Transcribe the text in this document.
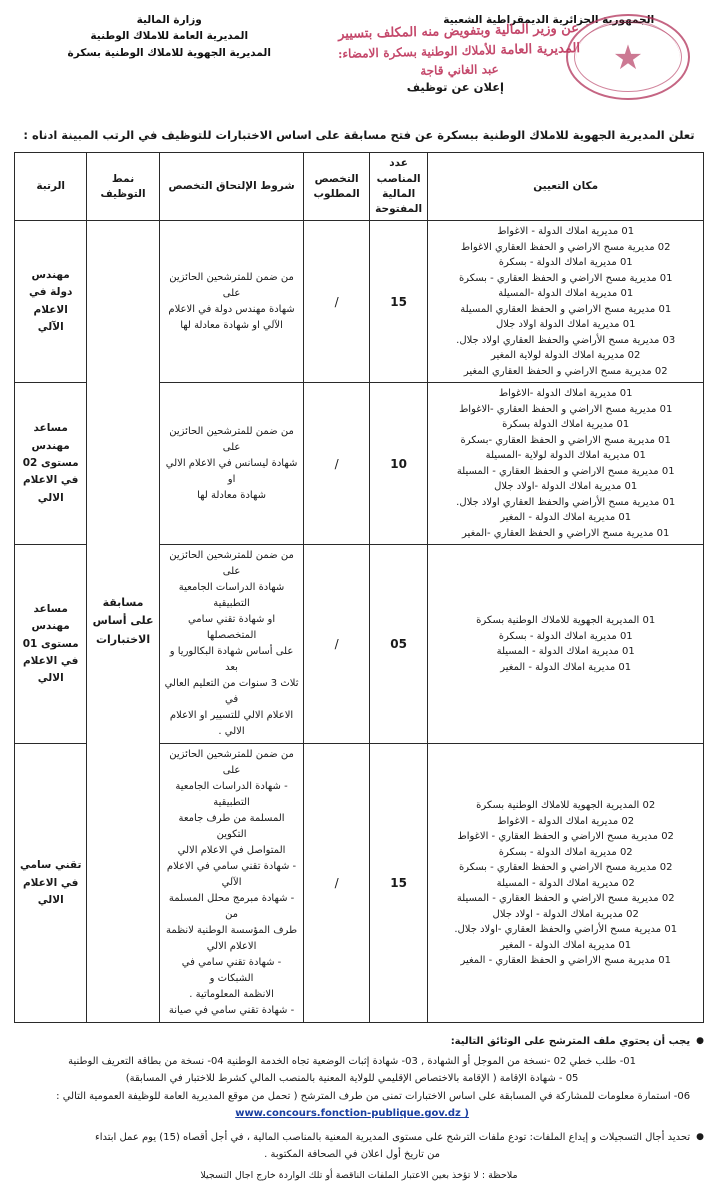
الجمهورية الجزائرية الديمقراطية الشعبية
وزارة المالية
المديرية العامة للاملاك الوطنية
المديرية الجهوية للاملاك الوطنية بسكرة	★
عن وزير المالية وبتفويض منه المكلف بتسيير المديرية العامة للأملاك الوطنية بسكرة الامضاء: عبد الغاني قاجة
إعلان عن توظيف
تعلن المديرية الجهوية للاملاك الوطنية ببسكرة عن فتح مسابقة على اساس الاختبارات للتوظيف في الرتب المبينة ادناه :
مكان التعيين	عدد المناصب المالية المفتوحة	التخصص المطلوب	شروط الإلتحاق التخصص	نمط التوظيف	الرتبة

01 مديرية املاك الدولة - الاغواط
02 مديرية مسح الاراضي و الحفظ العقاري الاغواط
01 مديرية املاك الدولة - بسكرة
01 مديرية مسح الاراضي و الحفظ العقاري - بسكرة
01 مديرية املاك الدولة -المسيلة
01 مديرية مسح الاراضي و الحفظ العقاري المسيلة
01 مديرية املاك الدولة اولاد جلال
03 مديرية مسح الأراضي والحفظ العقاري اولاد جلال.
02 مديرية املاك الدولة لولاية المغير
02 مديرية مسح الاراضي و الحفظ العقاري المغير
	15	/	
من ضمن للمترشحين الحائزين على
شهادة مهندس دولة في الاعلام
الآلي او شهادة معادلة لها
	مسابقة على أساس الاختبارات	مهندس دولة في الاعلام الآلي

01 مديرية املاك الدولة -الاغواط
01 مديرية مسح الاراضي و الحفظ العقاري -الاغواط
01 مديرية املاك الدولة بسكرة
01 مديرية مسح الاراضي و الحفظ العقاري -بسكرة
01 مديرية املاك الدولة لولاية -المسيلة
01 مديرية مسح الاراضي و الحفظ العقاري - المسيلة
01 مديرية املاك الدولة -اولاد جلال
01 مديرية مسح الأراضي والحفظ العقاري اولاد جلال.
01 مديرية املاك الدولة - المغير
01 مديرية مسح الاراضي و الحفظ العقاري -المغير
	10	/	
من ضمن للمترشحين الحائزين على
شهادة ليسانس في الاعلام الالي او
شهادة معادلة لها
	مساعد مهندس مستوى 02 في الاعلام الالي

01 المديرية الجهوية للاملاك الوطنية بسكرة
01 مديرية املاك الدولة - بسكرة
01 مديرية املاك الدولة - المسيلة
01 مديرية املاك الدولة - المغير
	05	/	
من ضمن للمترشحين الحائزين على
شهادة الدراسات الجامعية التطبيقية
او شهادة تقني سامي المتخصصلها
على أساس شهادة البكالوريا و بعد
ثلاث 3 سنوات من التعليم العالي في
الاعلام الالي للتسيير او الاعلام
الالي .
	مساعد مهندس مستوى 01 في الاعلام الالي

02 المديرية الجهوية للاملاك الوطنية بسكرة
02 مديرية املاك الدولة - الاغواط
02 مديرية مسح الاراضي و الحفظ العقاري - الاغواط
02 مديرية املاك الدولة - بسكرة
02 مديرية مسح الاراضي و الحفظ العقاري - بسكرة
02 مديرية املاك الدولة - المسيلة
02 مديرية مسح الاراضي و الحفظ العقاري - المسيلة
02 مديرية املاك الدولة - اولاد جلال
01 مديرية مسح الأراضي والحفظ العقاري -اولاد جلال.
01 مديرية املاك الدولة - المغير
01 مديرية مسح الاراضي و الحفظ العقاري - المغير
	15	/	
من ضمن للمترشحين الحائزين على
- شهادة الدراسات الجامعية التطبيقية
المسلمة من طرف جامعة التكوين
المتواصل في الاعلام الالي
- شهادة تقني سامي في الاعلام الآلي
- شهادة مبرمج محلل المسلمة من
طرف المؤسسة الوطنية لانظمة
الاعلام الالي
- شهادة تقني سامي في الشبكات و
الانظمة المعلوماتية .
- شهادة تقني سامي في صيانة
	تقني سامي في الاعلام الالي
●
يجب أن يحتوي ملف المترشح على الوثائق التالية:
01- طلب خطي 02 -نسخة من الموجل أو الشهادة , 03- شهادة إثبات الوضعية تجاه الخدمة الوطنية 04- نسخة من بطاقة التعريف الوطنية
05 - شهادة الإقامة ( الإقامة بالاختصاص الإقليمي للولاية المعنية بالمنصب المالي كشرط للاختبار في المسابقة)
06- استمارة معلومات للمشاركة في المسابقة على اساس الاختبارات تمنى من طرف المترشح ( تحمل من موقع المديرية العامة للوظيفة العمومية التالي :
www.concours.fonction-publique.gov.dz )
●
تحديد أجال التسجيلات و إيداع الملفات: تودع ملفات الترشح على مستوى المديرية المعنية بالمناصب المالية ، في أجل أقصاه (15) يوم عمل ابتداء
من تاريخ أول اعلان في الصحافة المكتوبة .
ملاحظة : لا تؤخذ بعين الاعتبار الملفات الناقصة أو تلك الواردة خارج اجال التسجيلا
